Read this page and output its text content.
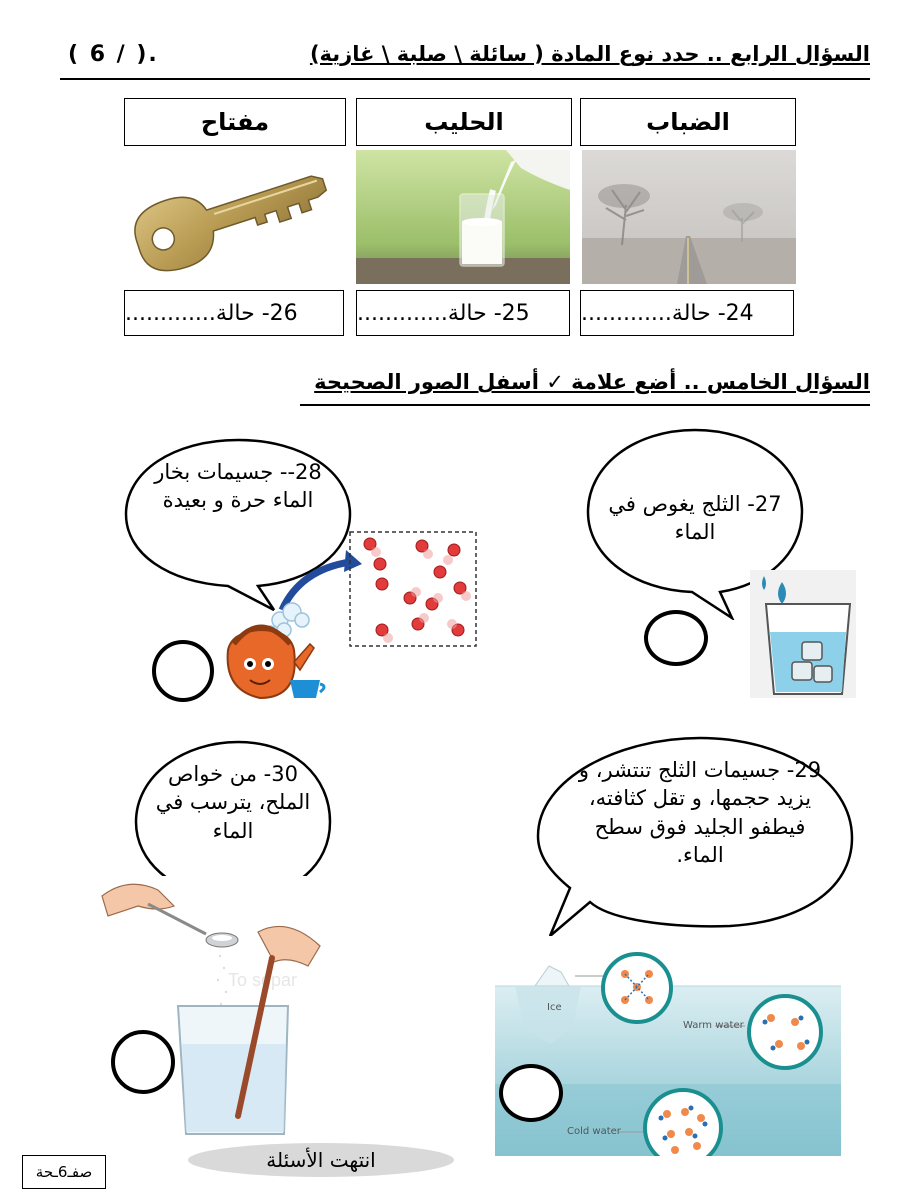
( 6 / ).	السؤال الرابع .. حدد نوع المادة ( سائلة \ صلبة \ غازية)
الضباب
الحليب
مفتاح
24- حالة.............
25- حالة.............
26- حالة.............
السؤال الخامس .. أضع علامة ✓ أسفل الصور الصحيحة
27- الثلج يغوص في الماء
28-- جسيمات بخار الماء حرة و بعيدة
29- جسيمات الثلج تنتشر، و يزيد حجمها، و تقل كثافته، فيطفو الجليد فوق سطح الماء.
Ice
Warm water
Cold water
30- من خواص الملح، يترسب في الماء
To separ
انتهت الأسئلة
صفـ6ـحة
